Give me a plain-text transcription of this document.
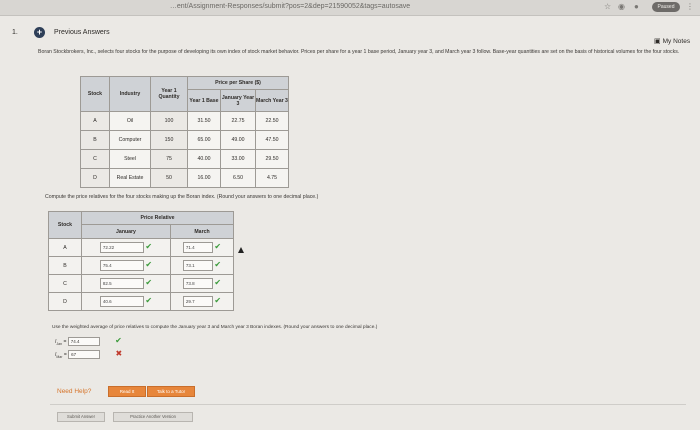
…ent/Assignment-Responses/submit?pos=2&dep=21590052&tags=autosave	☆ ◉ ●	Paused	⋮
1.	+	Previous Answers
▣ My Notes
Boran Stockbrokers, Inc., selects four stocks for the purpose of developing its own index of stock market behavior. Prices per share for a year 1 base period, January year 3, and March year 3 follow. Base-year quantities are set on the basis of historical volumes for the four stocks.
Stock	Industry	Year 1 Quantity	Price per Share ($)		
			Year 1 Base	January Year 3	March Year 3
A	Oil	100	31.50	22.75	22.50
B	Computer	150	65.00	49.00	47.50
C	Steel	75	40.00	33.00	29.50
D	Real Estate	50	16.00	6.50	4.75
Compute the price relatives for the four stocks making up the Boran index. (Round your answers to one decimal place.)
Stock	Price Relative	
	January	March
A	72.22 ✔	71.4 ✔
B	75.4 ✔	73.1 ✔
C	82.5 ✔	73.8 ✔
D	40.6 ✔	29.7 ✔
Use the weighted average of price relatives to compute the January year 3 and March year 3 Boran indexes. (Round your answers to one decimal place.)
$I_{Jan} = 74.4$	✔
$I_{Mar} = 67$	✖
Need Help?	Read It	Talk to a Tutor
Submit Answer	Practice Another Version
